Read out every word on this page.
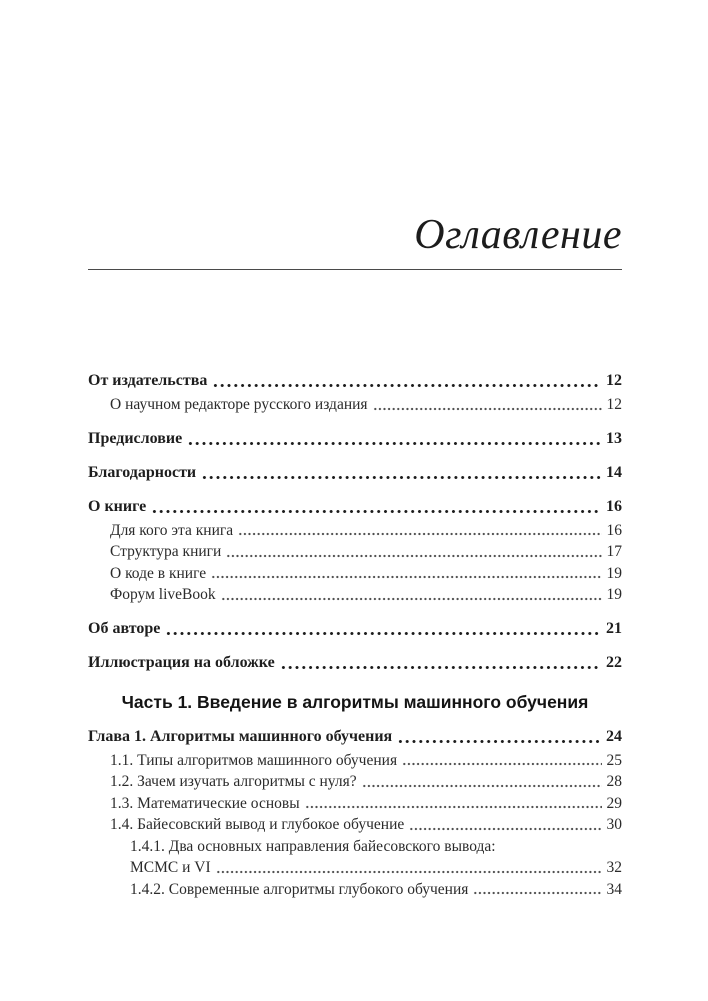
Оглавление
От издательства	12
О научном редакторе русского издания	12
Предисловие	13
Благодарности	14
О книге	16
Для кого эта книга	16
Структура книги	17
О коде в книге	19
Форум liveBook	19
Об авторе	21
Иллюстрация на обложке	22
Часть 1. Введение в алгоритмы машинного обучения
Глава 1. Алгоритмы машинного обучения	24
1.1. Типы алгоритмов машинного обучения	25
1.2. Зачем изучать алгоритмы с нуля?	28
1.3. Математические основы	29
1.4. Байесовский вывод и глубокое обучение	30
1.4.1. Два основных направления байесовского вывода:
MCMC и VI	32
1.4.2. Современные алгоритмы глубокого обучения	34
